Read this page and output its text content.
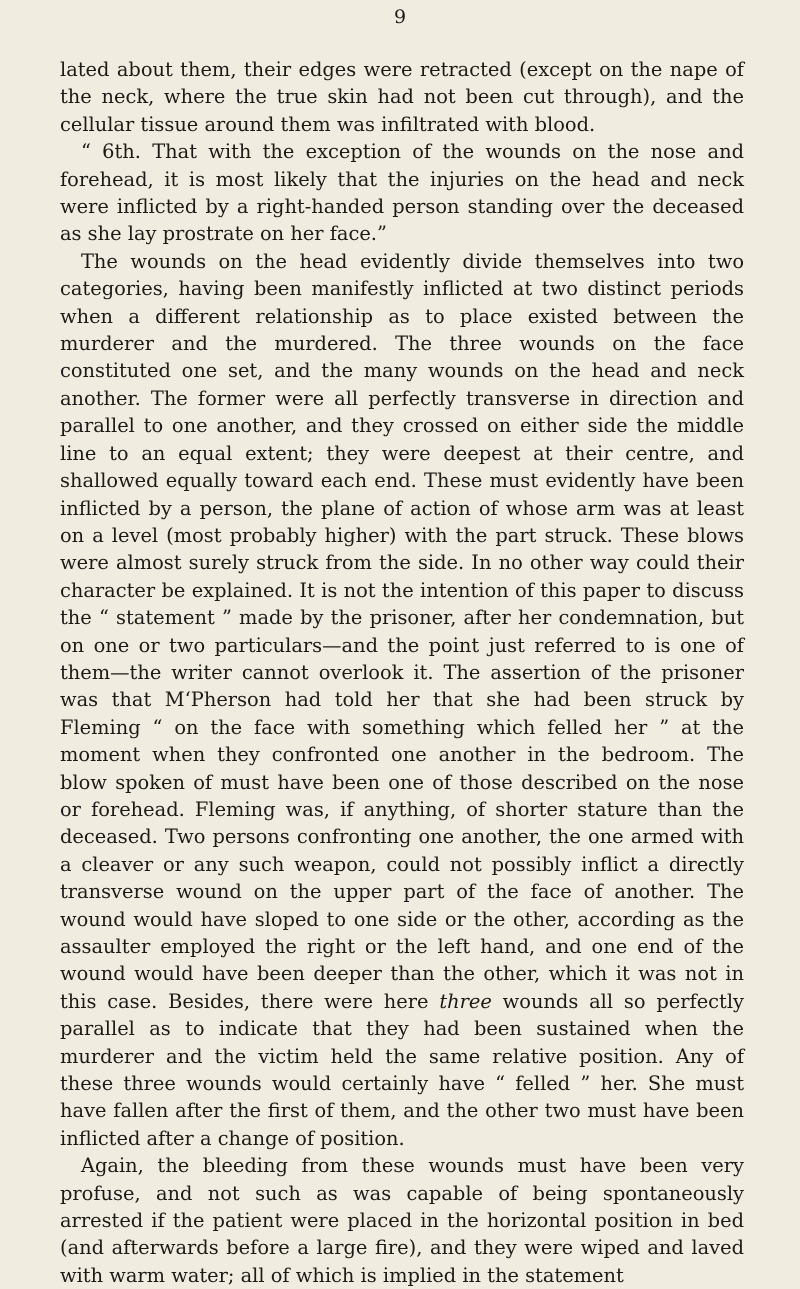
9

lated about them, their edges were retracted (except on the nape of the neck, where the true skin had not been cut through), and the cellular tissue around them was infiltrated with blood.

“ 6th. That with the exception of the wounds on the nose and forehead, it is most likely that the injuries on the head and neck were inflicted by a right-handed person standing over the deceased as she lay prostrate on her face.”

The wounds on the head evidently divide themselves into two categories, having been manifestly inflicted at two distinct periods when a different relationship as to place existed between the murderer and the murdered. The three wounds on the face constituted one set, and the many wounds on the head and neck another. The former were all perfectly transverse in direction and parallel to one another, and they crossed on either side the middle line to an equal extent; they were deepest at their centre, and shallowed equally toward each end. These must evidently have been inflicted by a person, the plane of action of whose arm was at least on a level (most probably higher) with the part struck. These blows were almost surely struck from the side. In no other way could their character be explained. It is not the intention of this paper to discuss the “ statement ” made by the prisoner, after her condemnation, but on one or two particulars—and the point just referred to is one of them—the writer cannot overlook it. The assertion of the prisoner was that M‘Pherson had told her that she had been struck by Fleming “ on the face with something which felled her ” at the moment when they confronted one another in the bedroom. The blow spoken of must have been one of those described on the nose or forehead. Fleming was, if anything, of shorter stature than the deceased. Two persons confronting one another, the one armed with a cleaver or any such weapon, could not possibly inflict a directly transverse wound on the upper part of the face of another. The wound would have sloped to one side or the other, according as the assaulter employed the right or the left hand, and one end of the wound would have been deeper than the other, which it was not in this case. Besides, there were here three wounds all so perfectly parallel as to indicate that they had been sustained when the murderer and the victim held the same relative position. Any of these three wounds would certainly have “ felled ” her. She must have fallen after the first of them, and the other two must have been inflicted after a change of position.

Again, the bleeding from these wounds must have been very profuse, and not such as was capable of being spontaneously arrested if the patient were placed in the horizontal position in bed (and afterwards before a large fire), and they were wiped and laved with warm water; all of which is implied in the statement
